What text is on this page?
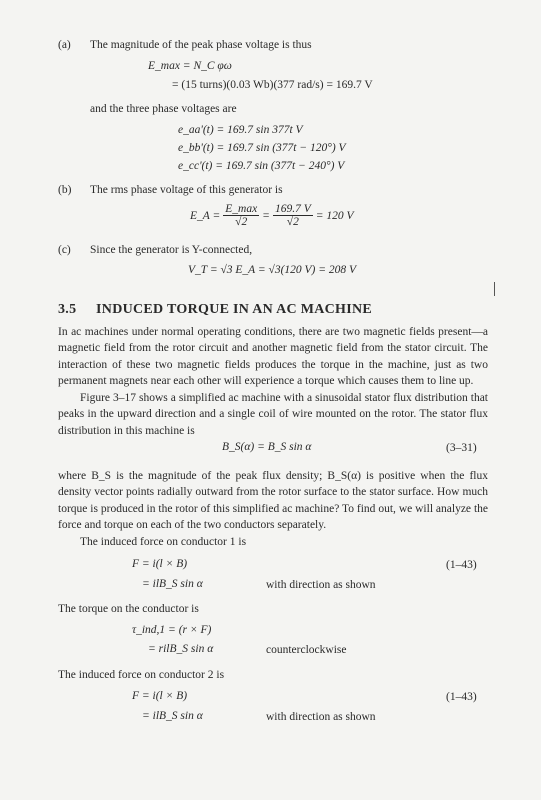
(a) The magnitude of the peak phase voltage is thus
E_max = N_C φω
= (15 turns)(0.03 Wb)(377 rad/s) = 169.7 V
and the three phase voltages are
e_aa'(t) = 169.7 sin 377t V
e_bb'(t) = 169.7 sin (377t − 120°) V
e_cc'(t) = 169.7 sin (377t − 240°) V
(b) The rms phase voltage of this generator is
E_A = $\frac{E\_\max}{√2} = \frac{169.7 V}{√2} = 120$ V
(c) Since the generator is Y-connected,
V_T = √3 E_A = √3(120 V) = 208 V
3.5 INDUCED TORQUE IN AN AC MACHINE
In ac machines under normal operating conditions, there are two magnetic fields present—a magnetic field from the rotor circuit and another magnetic field from the stator circuit. The interaction of these two magnetic fields produces the torque in the machine, just as two permanent magnets near each other will experience a torque which causes them to line up.
Figure 3–17 shows a simplified ac machine with a sinusoidal stator flux distribution that peaks in the upward direction and a single coil of wire mounted on the rotor. The stator flux distribution in this machine is
B_S(α) = B_S sin α	(3–31)
where B_S is the magnitude of the peak flux density; B_S(α) is positive when the flux density vector points radially outward from the rotor surface to the stator surface. How much torque is produced in the rotor of this simplified ac machine? To find out, we will analyze the force and torque on each of the two conductors separately.
The induced force on conductor 1 is
F = i(l × B)	(1–43)
= ilB_S sin α	with direction as shown
The torque on the conductor is
τ_ind,1 = (r × F)
= rilB_S sin α	counterclockwise
The induced force on conductor 2 is
F = i(l × B)	(1–43)
= ilB_S sin α	with direction as shown
